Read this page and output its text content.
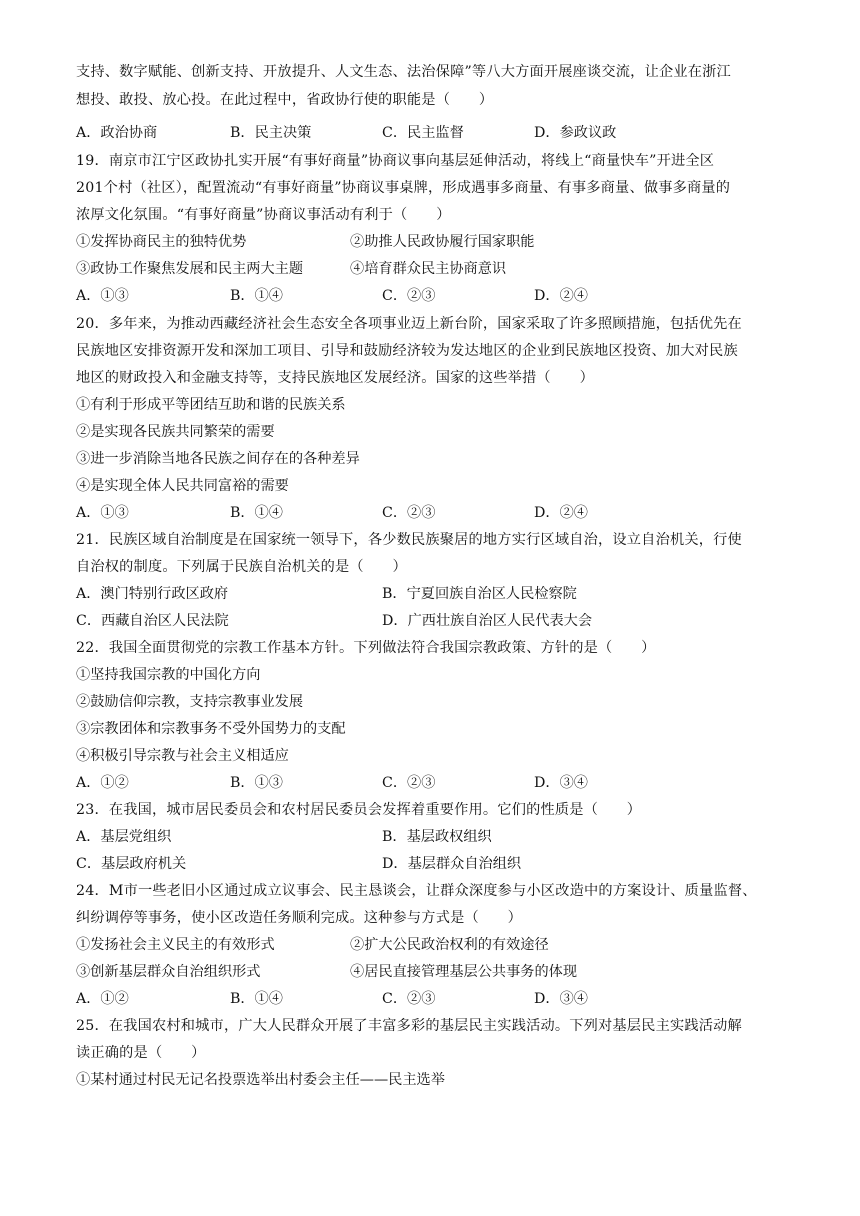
支持、数字赋能、创新支持、开放提升、人文生态、法治保障”等八大方面开展座谈交流，让企业在浙江
想投、敢投、放心投。在此过程中，省政协行使的职能是（　　）
A．政治协商	B．民主决策	C．民主监督	D．参政议政
19．南京市江宁区政协扎实开展“有事好商量”协商议事向基层延伸活动，将线上“商量快车”开进全区
201个村（社区），配置流动“有事好商量”协商议事桌牌，形成遇事多商量、有事多商量、做事多商量的
浓厚文化氛围。“有事好商量”协商议事活动有利于（　　）
①发挥协商民主的独特优势	②助推人民政协履行国家职能
③政协工作聚焦发展和民主两大主题	④培育群众民主协商意识
A．①③	B．①④	C．②③	D．②④
20．多年来，为推动西藏经济社会生态安全各项事业迈上新台阶，国家采取了许多照顾措施，包括优先在
民族地区安排资源开发和深加工项目、引导和鼓励经济较为发达地区的企业到民族地区投资、加大对民族
地区的财政投入和金融支持等，支持民族地区发展经济。国家的这些举措（　　）
①有利于形成平等团结互助和谐的民族关系
②是实现各民族共同繁荣的需要
③进一步消除当地各民族之间存在的各种差异
④是实现全体人民共同富裕的需要
A．①③	B．①④	C．②③	D．②④
21．民族区域自治制度是在国家统一领导下，各少数民族聚居的地方实行区域自治，设立自治机关，行使
自治权的制度。下列属于民族自治机关的是（　　）
A．澳门特别行政区政府	B．宁夏回族自治区人民检察院
C．西藏自治区人民法院	D．广西壮族自治区人民代表大会
22．我国全面贯彻党的宗教工作基本方针。下列做法符合我国宗教政策、方针的是（　　）
①坚持我国宗教的中国化方向
②鼓励信仰宗教，支持宗教事业发展
③宗教团体和宗教事务不受外国势力的支配
④积极引导宗教与社会主义相适应
A．①②	B．①③	C．②③	D．③④
23．在我国，城市居民委员会和农村居民委员会发挥着重要作用。它们的性质是（　　）
A．基层党组织	B．基层政权组织
C．基层政府机关	D．基层群众自治组织
24．M市一些老旧小区通过成立议事会、民主恳谈会，让群众深度参与小区改造中的方案设计、质量监督、
纠纷调停等事务，使小区改造任务顺利完成。这种参与方式是（　　）
①发扬社会主义民主的有效形式	②扩大公民政治权利的有效途径
③创新基层群众自治组织形式	④居民直接管理基层公共事务的体现
A．①②	B．①④	C．②③	D．③④
25．在我国农村和城市，广大人民群众开展了丰富多彩的基层民主实践活动。下列对基层民主实践活动解
读正确的是（　　）
①某村通过村民无记名投票选举出村委会主任——民主选举
